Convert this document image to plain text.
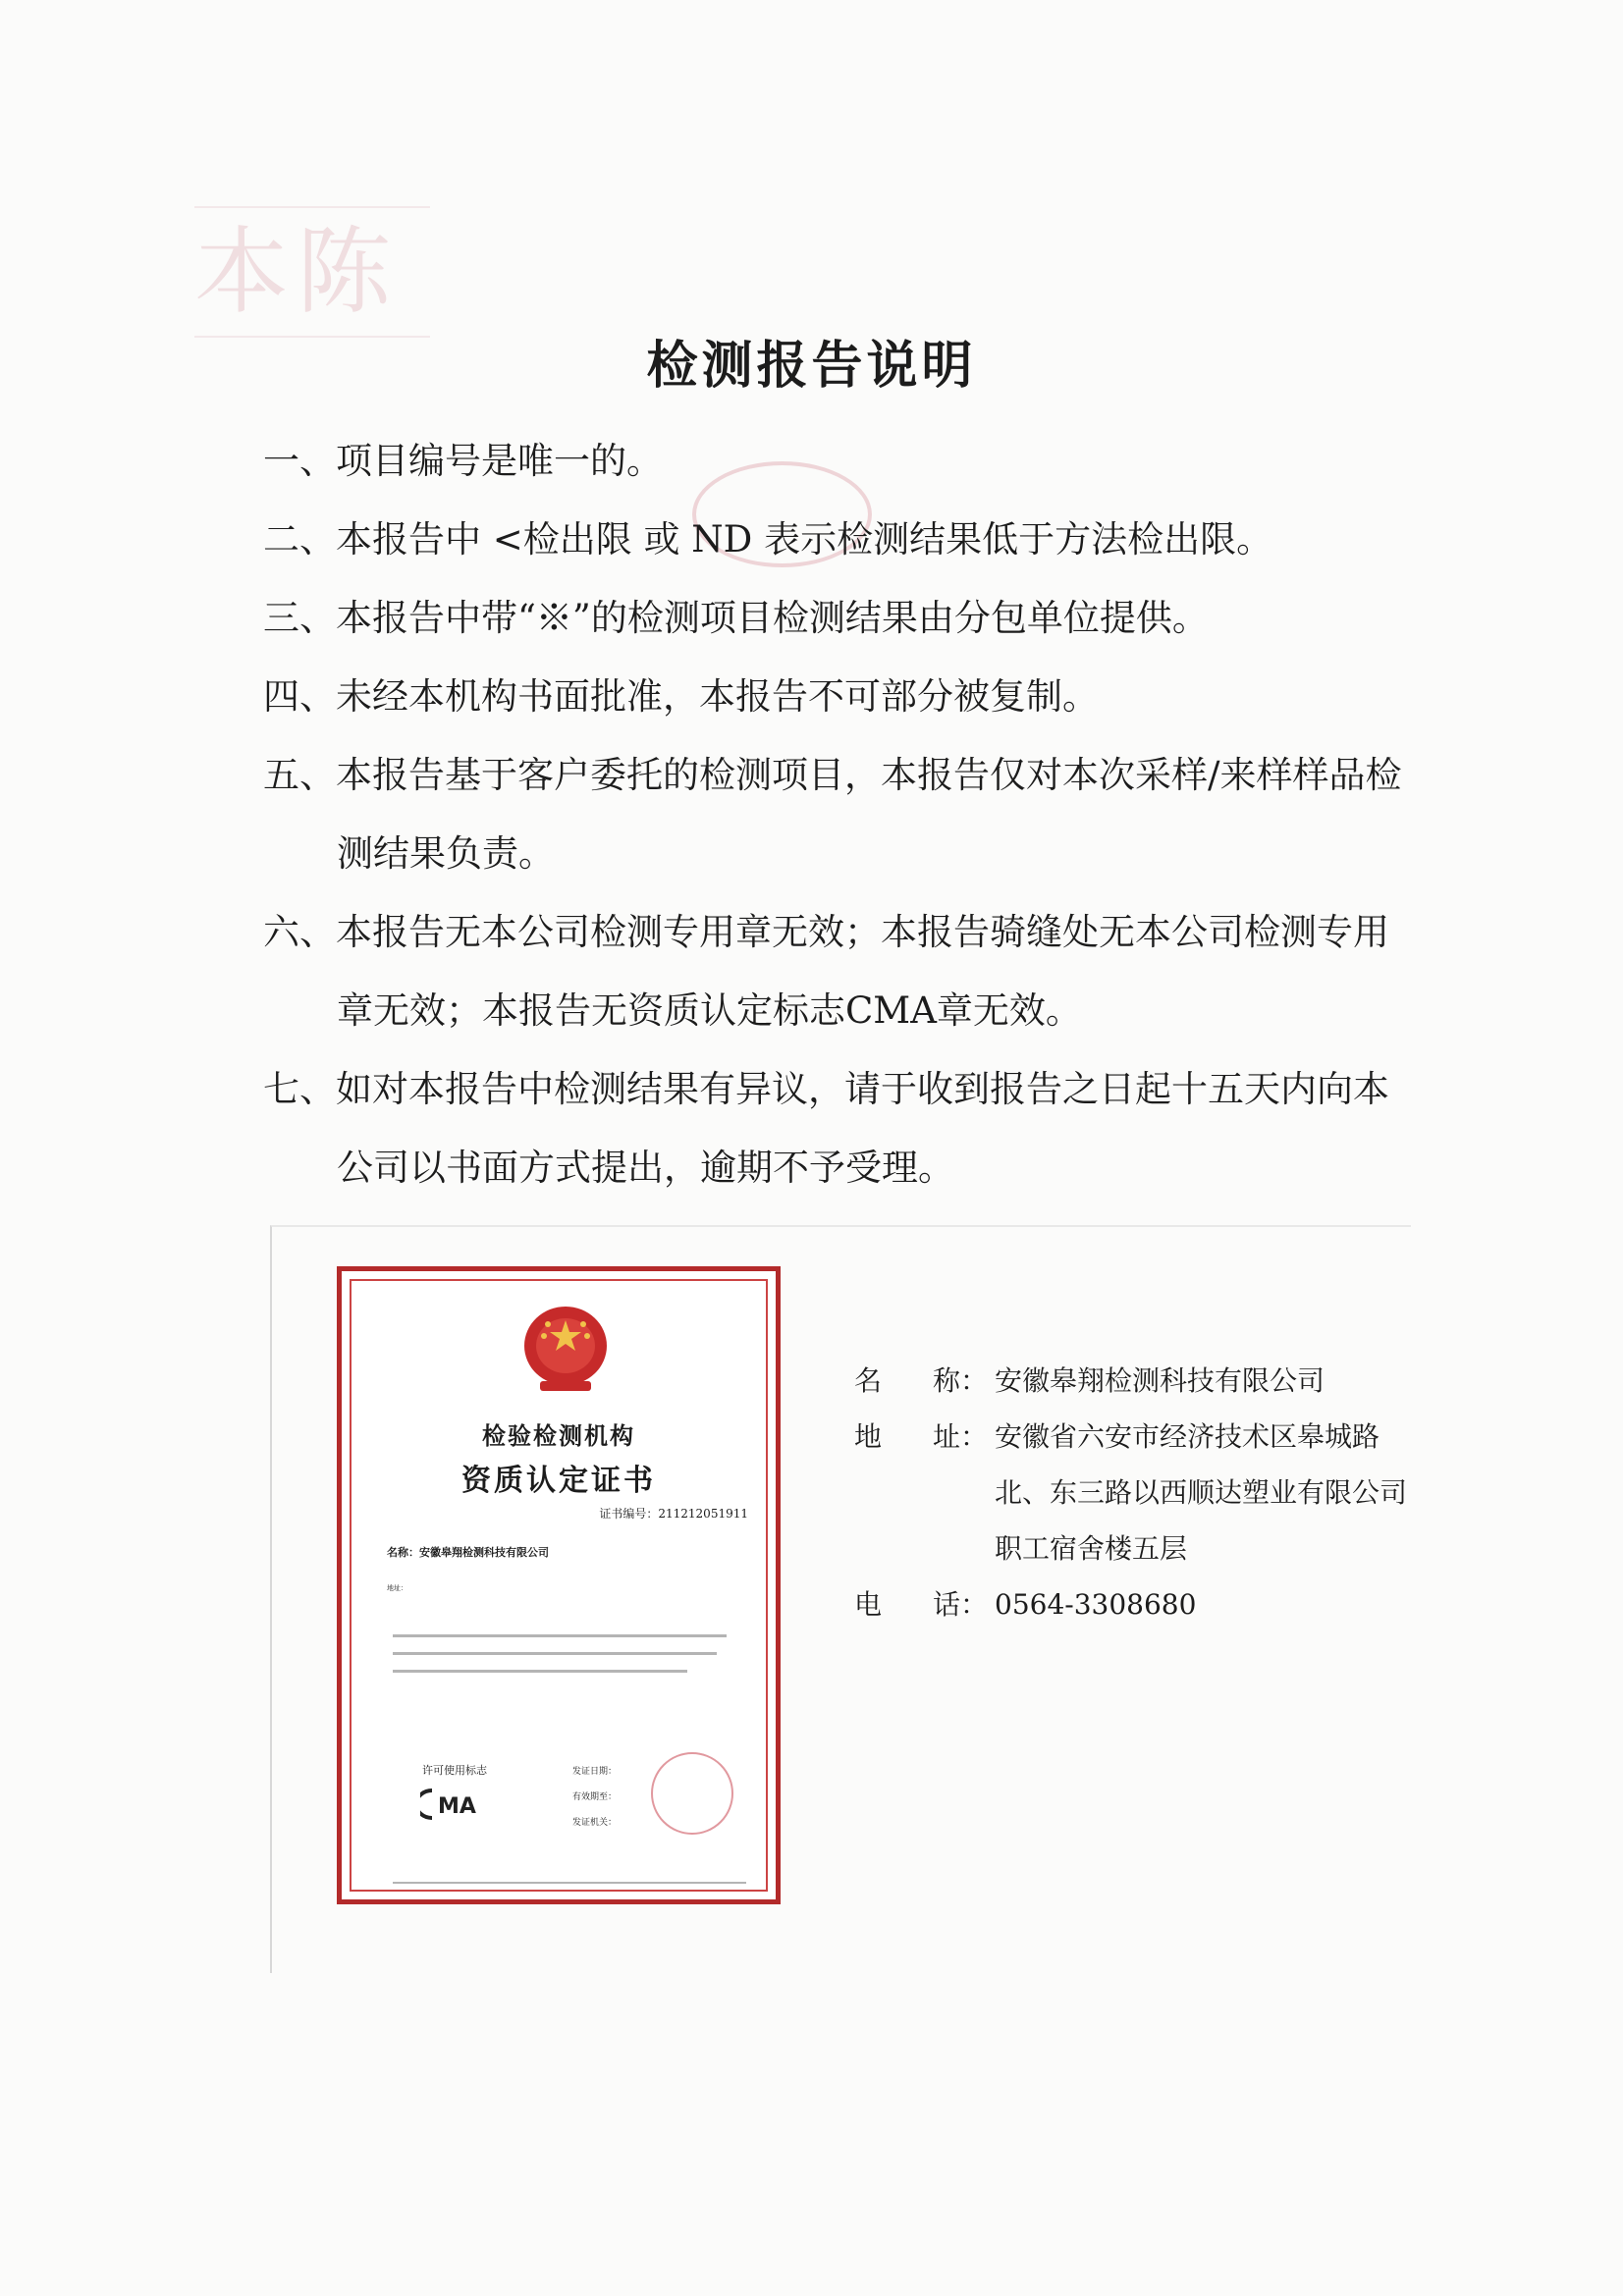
本陈
检测报告说明
一、项目编号是唯一的。
二、本报告中 <检出限 或 ND 表示检测结果低于方法检出限。
三、本报告中带“※”的检测项目检测结果由分包单位提供。
四、未经本机构书面批准，本报告不可部分被复制。
五、本报告基于客户委托的检测项目，本报告仅对本次采样/来样样品检测结果负责。
六、本报告无本公司检测专用章无效；本报告骑缝处无本公司检测专用章无效；本报告无资质认定标志CMA章无效。
七、如对本报告中检测结果有异议，请于收到报告之日起十五天内向本公司以书面方式提出，逾期不予受理。
检验检测机构
资质认定证书
证书编号：211212051911
名称：安徽皋翔检测科技有限公司
地址：
许可使用标志
MA
发证日期：
有效期至：
发证机关：
名 称： 安徽皋翔检测科技有限公司
地 址： 安徽省六安市经济技术区皋城路
北、东三路以西顺达塑业有限公司
职工宿舍楼五层
电 话： 0564-3308680
